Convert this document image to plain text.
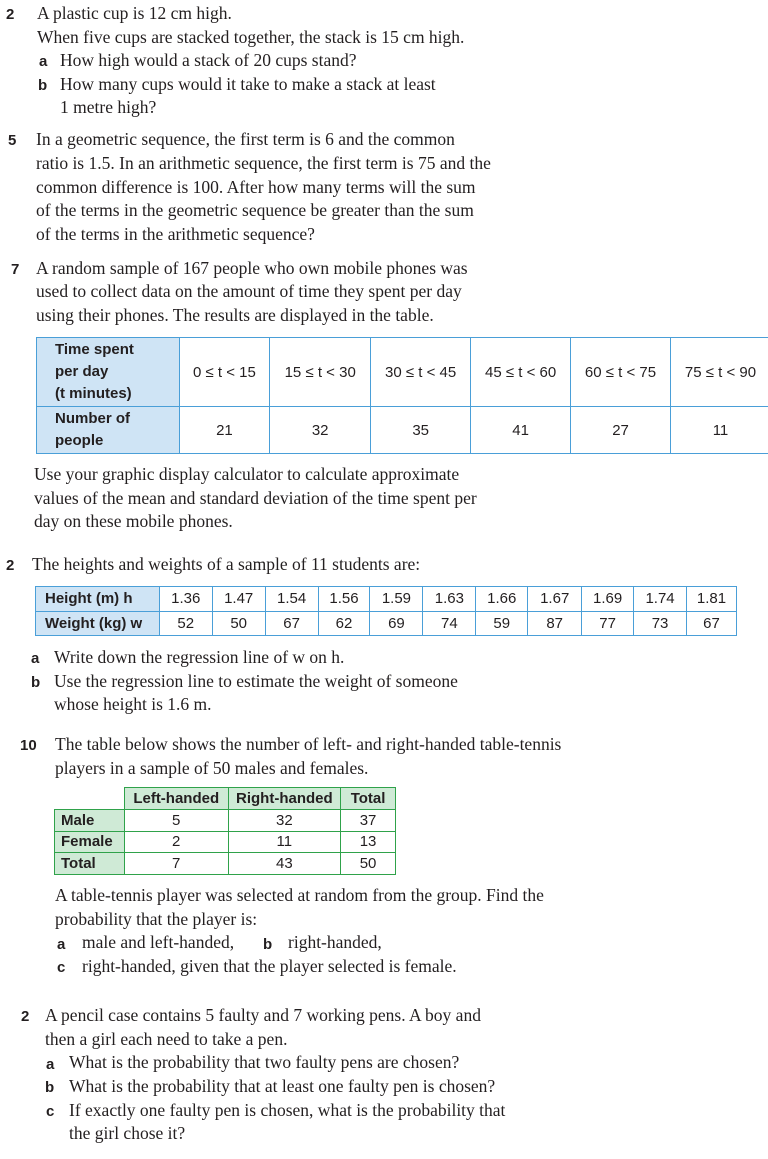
2 A plastic cup is 12 cm high.
When five cups are stacked together, the stack is 15 cm high.
a How high would a stack of 20 cups stand?
b How many cups would it take to make a stack at least
1 metre high?
5 In a geometric sequence, the first term is 6 and the common
ratio is 1.5. In an arithmetic sequence, the first term is 75 and the
common difference is 100. After how many terms will the sum
of the terms in the geometric sequence be greater than the sum
of the terms in the arithmetic sequence?
7 A random sample of 167 people who own mobile phones was
used to collect data on the amount of time they spent per day
using their phones. The results are displayed in the table.
Time spent
per day
(t minutes)	0 ≤ t < 15	15 ≤ t < 30	30 ≤ t < 45	45 ≤ t < 60	60 ≤ t < 75	75 ≤ t < 90

Number of
people	21	32	35	41	27	11
Use your graphic display calculator to calculate approximate
values of the mean and standard deviation of the time spent per
day on these mobile phones.
2 The heights and weights of a sample of 11 students are:
Height (m) h	1.36	1.47	1.54	1.56	1.59	1.63	1.66	1.67	1.69	1.74	1.81
Weight (kg) w	52	50	67	62	69	74	59	87	77	73	67
a Write down the regression line of w on h.
b Use the regression line to estimate the weight of someone
whose height is 1.6 m.
10 The table below shows the number of left- and right-handed table-tennis
players in a sample of 50 males and females.
	Left-handed	Right-handed	Total
Male	5	32	37
Female	2	11	13
Total	7	43	50
A table-tennis player was selected at random from the group. Find the
probability that the player is:
a male and left-handed, b right-handed,
c right-handed, given that the player selected is female.
2 A pencil case contains 5 faulty and 7 working pens. A boy and
then a girl each need to take a pen.
a What is the probability that two faulty pens are chosen?
b What is the probability that at least one faulty pen is chosen?
c If exactly one faulty pen is chosen, what is the probability that
the girl chose it?
